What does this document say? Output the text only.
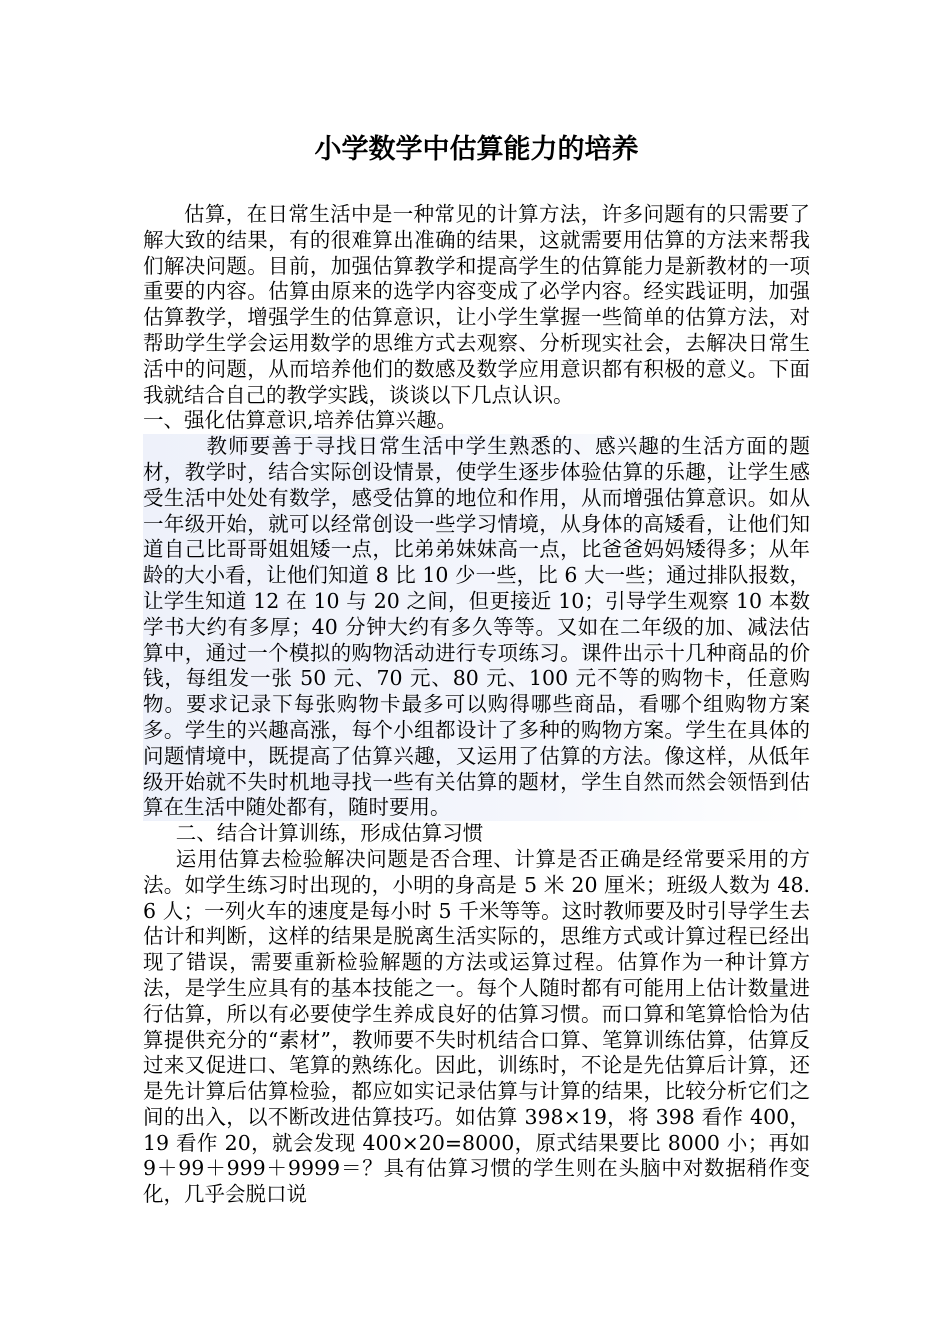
小学数学中估算能力的培养

估算，在日常生活中是一种常见的计算方法，许多问题有的只需要了解大致的结果，有的很难算出准确的结果，这就需要用估算的方法来帮我们解决问题。目前，加强估算教学和提高学生的估算能力是新教材的一项重要的内容。估算由原来的选学内容变成了必学内容。经实践证明，加强估算教学，增强学生的估算意识，让小学生掌握一些简单的估算方法，对帮助学生学会运用数学的思维方式去观察、分析现实社会，去解决日常生活中的问题，从而培养他们的数感及数学应用意识都有积极的意义。下面我就结合自己的教学实践，谈谈以下几点认识。

一、强化估算意识,培养估算兴趣。

教师要善于寻找日常生活中学生熟悉的、感兴趣的生活方面的题材，教学时，结合实际创设情景，使学生逐步体验估算的乐趣，让学生感受生活中处处有数学，感受估算的地位和作用，从而增强估算意识。如从一年级开始，就可以经常创设一些学习情境，从身体的高矮看，让他们知道自己比哥哥姐姐矮一点，比弟弟妹妹高一点，比爸爸妈妈矮得多；从年龄的大小看，让他们知道 8 比 10 少一些，比 6 大一些；通过排队报数，让学生知道 12 在 10 与 20 之间，但更接近 10；引导学生观察 10 本数学书大约有多厚；40 分钟大约有多久等等。又如在二年级的加、减法估算中，通过一个模拟的购物活动进行专项练习。课件出示十几种商品的价钱，每组发一张 50 元、70 元、80 元、100 元不等的购物卡，任意购物。要求记录下每张购物卡最多可以购得哪些商品，看哪个组购物方案多。学生的兴趣高涨，每个小组都设计了多种的购物方案。学生在具体的问题情境中，既提高了估算兴趣，又运用了估算的方法。像这样，从低年级开始就不失时机地寻找一些有关估算的题材，学生自然而然会领悟到估算在生活中随处都有，随时要用。

二、结合计算训练，形成估算习惯

运用估算去检验解决问题是否合理、计算是否正确是经常要采用的方法。如学生练习时出现的，小明的身高是 5 米 20 厘米；班级人数为 48.6 人；一列火车的速度是每小时 5 千米等等。这时教师要及时引导学生去估计和判断，这样的结果是脱离生活实际的，思维方式或计算过程已经出现了错误，需要重新检验解题的方法或运算过程。估算作为一种计算方法，是学生应具有的基本技能之一。每个人随时都有可能用上估计数量进行估算，所以有必要使学生养成良好的估算习惯。而口算和笔算恰恰为估算提供充分的“素材”，教师要不失时机结合口算、笔算训练估算，估算反过来又促进口、笔算的熟练化。因此，训练时，不论是先估算后计算，还是先计算后估算检验，都应如实记录估算与计算的结果，比较分析它们之间的出入，以不断改进估算技巧。如估算 398×19，将 398 看作 400，19 看作 20，就会发现 400×20=8000，原式结果要比 8000 小；再如 9＋99＋999＋9999＝？具有估算习惯的学生则在头脑中对数据稍作变化，几乎会脱口说
